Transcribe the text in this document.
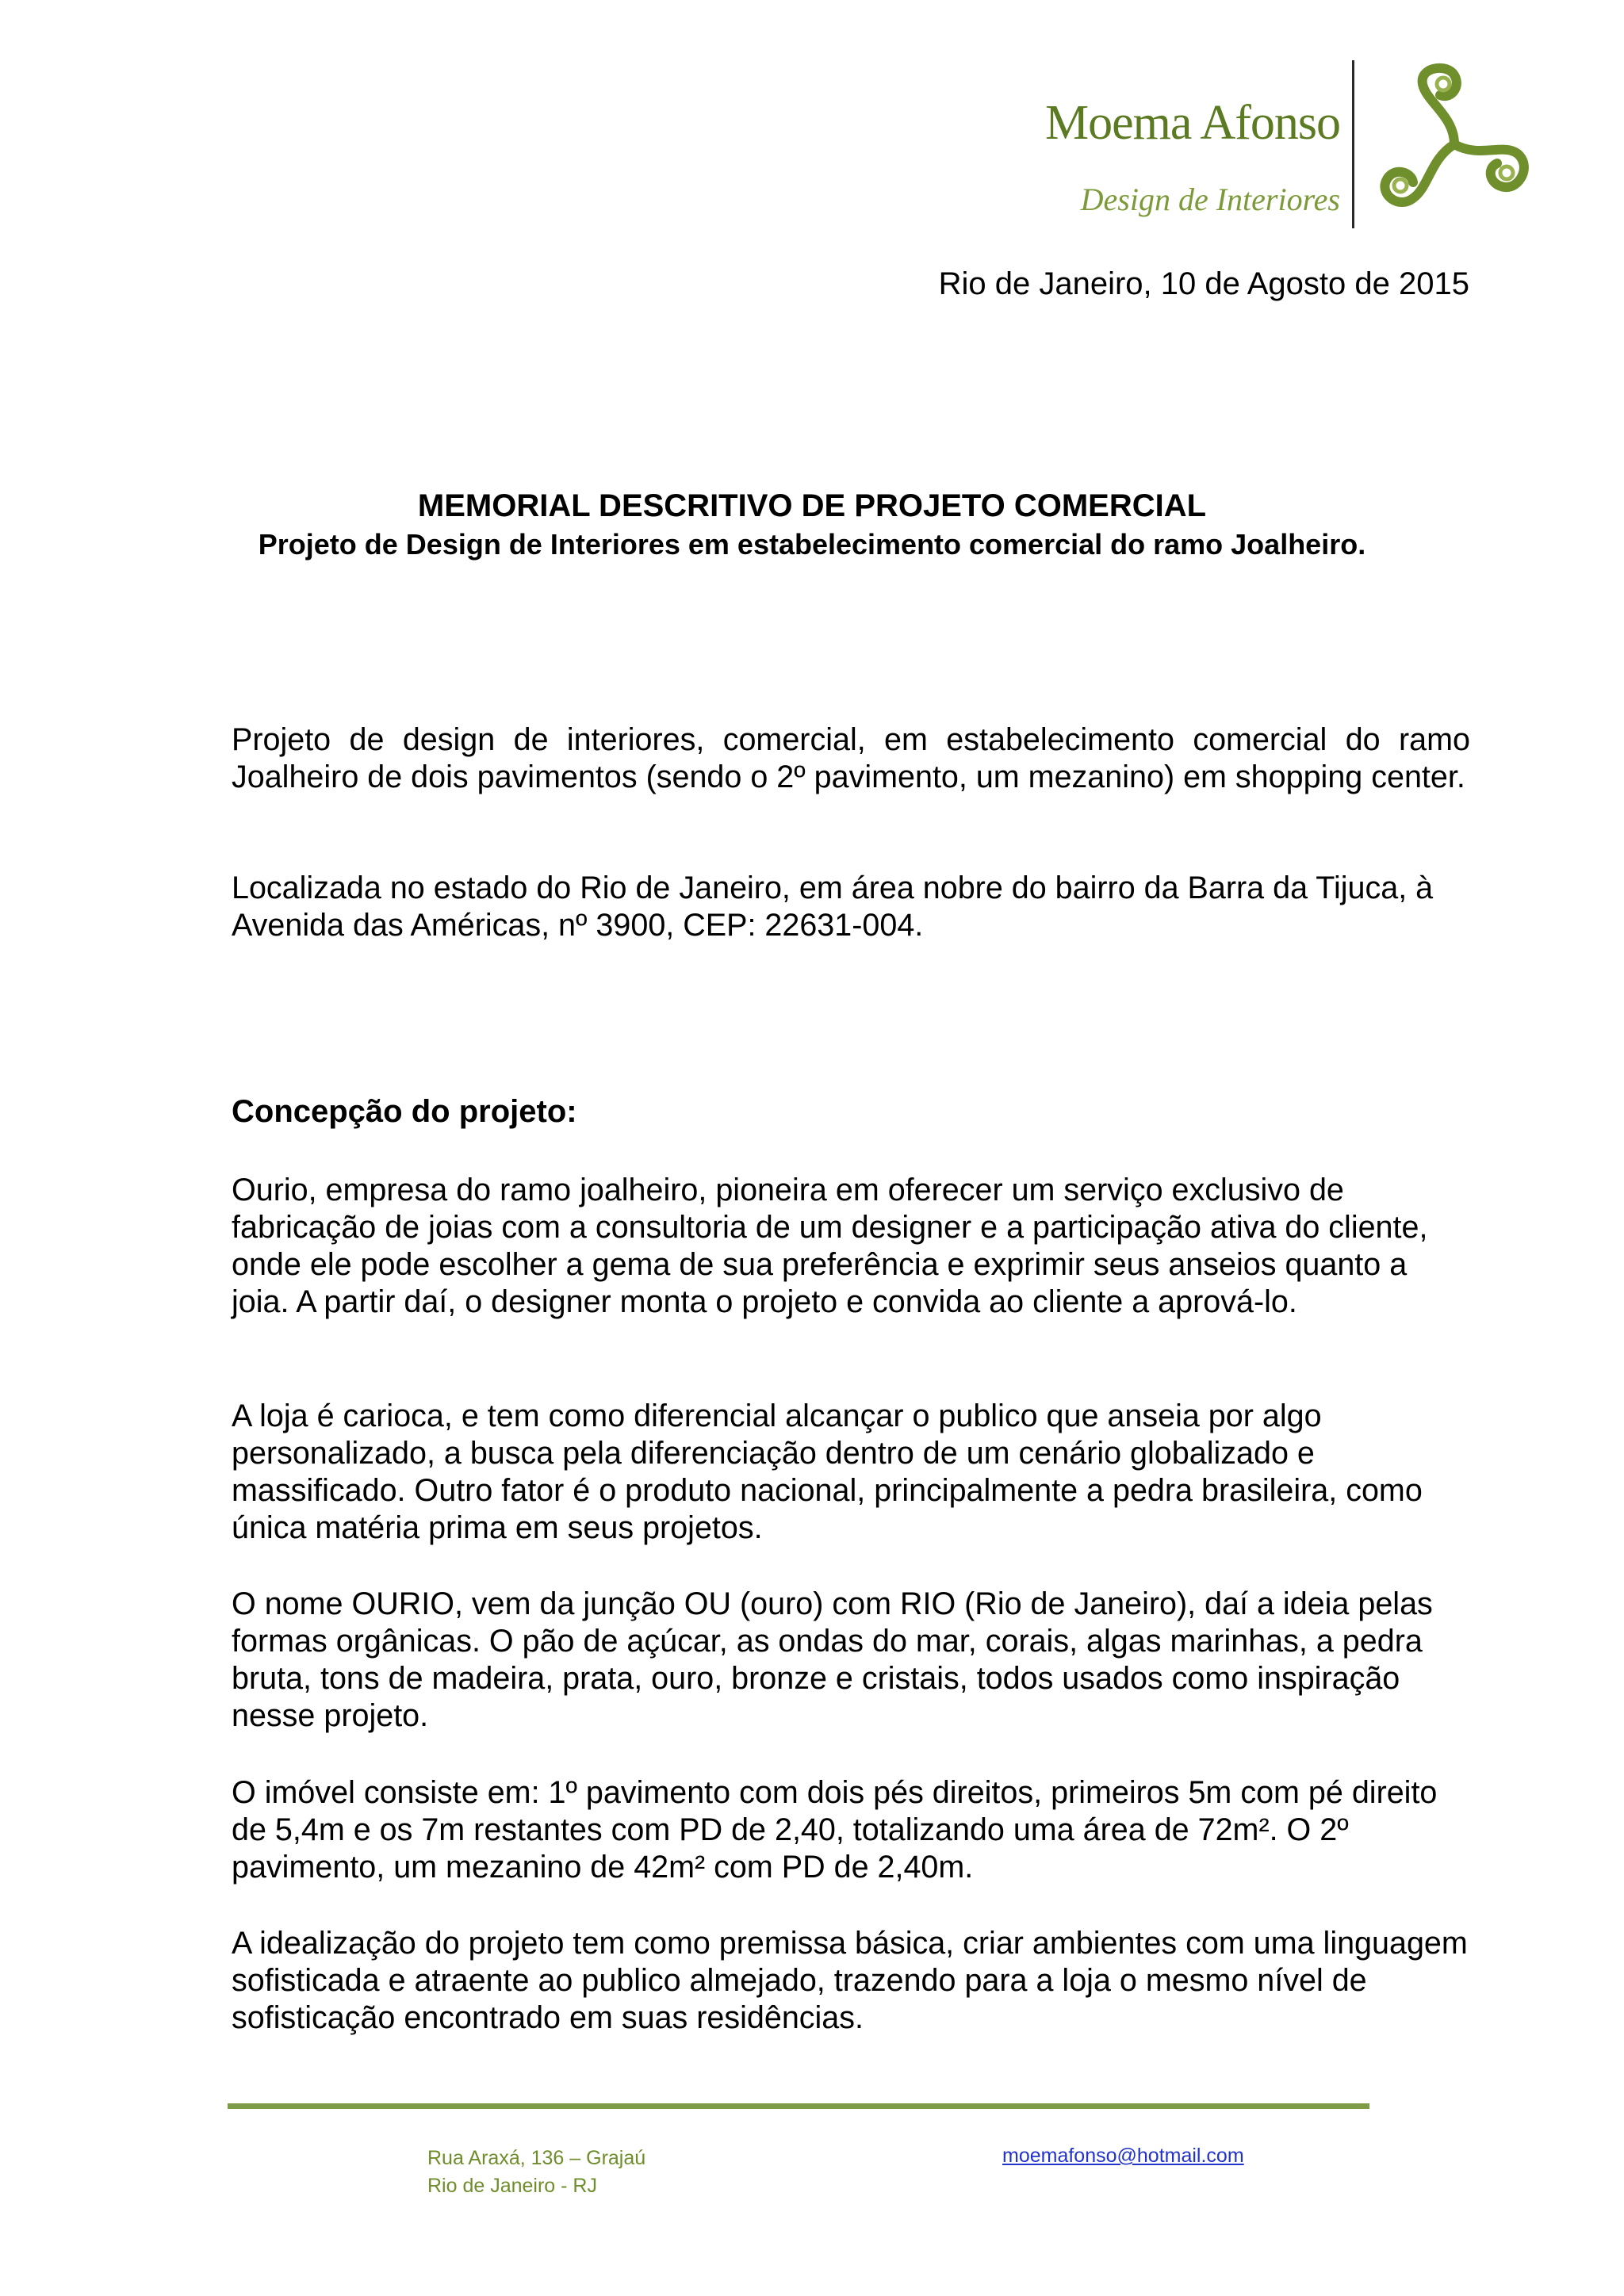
Moema Afonso

Design de Interiores

Rio de Janeiro, 10 de Agosto de 2015

MEMORIAL DESCRITIVO DE PROJETO COMERCIAL

Projeto de Design de Interiores em estabelecimento comercial do ramo Joalheiro.

Projeto de design de interiores, comercial, em estabelecimento comercial do ramo Joalheiro de dois pavimentos (sendo o 2º pavimento, um mezanino) em shopping center.

Localizada no estado do Rio de Janeiro, em área nobre do bairro da Barra da Tijuca, à Avenida das Américas, nº 3900, CEP: 22631-004.

Concepção do projeto:

Ourio, empresa do ramo joalheiro, pioneira em oferecer um serviço exclusivo de fabricação de joias com a consultoria de um designer e a participação ativa do cliente, onde ele pode escolher a gema de sua preferência e exprimir seus anseios quanto a joia. A partir daí, o designer monta o projeto e convida ao cliente a aprová-lo.

A loja é carioca, e tem como diferencial alcançar o publico que anseia por algo personalizado, a busca pela diferenciação dentro de um cenário globalizado e massificado. Outro fator é o produto nacional, principalmente a pedra brasileira, como única matéria prima em seus projetos.

O nome OURIO, vem da junção OU (ouro) com RIO (Rio de Janeiro), daí a ideia pelas formas orgânicas. O pão de açúcar, as ondas do mar, corais, algas marinhas, a pedra bruta, tons de madeira, prata, ouro, bronze e cristais, todos usados como inspiração nesse projeto.

O imóvel consiste em: 1º pavimento com dois pés direitos, primeiros 5m com pé direito de 5,4m e os 7m restantes com PD de 2,40, totalizando uma área de 72m². O 2º pavimento, um mezanino de 42m² com PD de 2,40m.

A idealização do projeto tem como premissa básica, criar ambientes com uma linguagem sofisticada e atraente ao publico almejado, trazendo para a loja o mesmo nível de sofisticação encontrado em suas residências.

Rua Araxá, 136 – Grajaú
Rio de Janeiro - RJ

moemafonso@hotmail.com
